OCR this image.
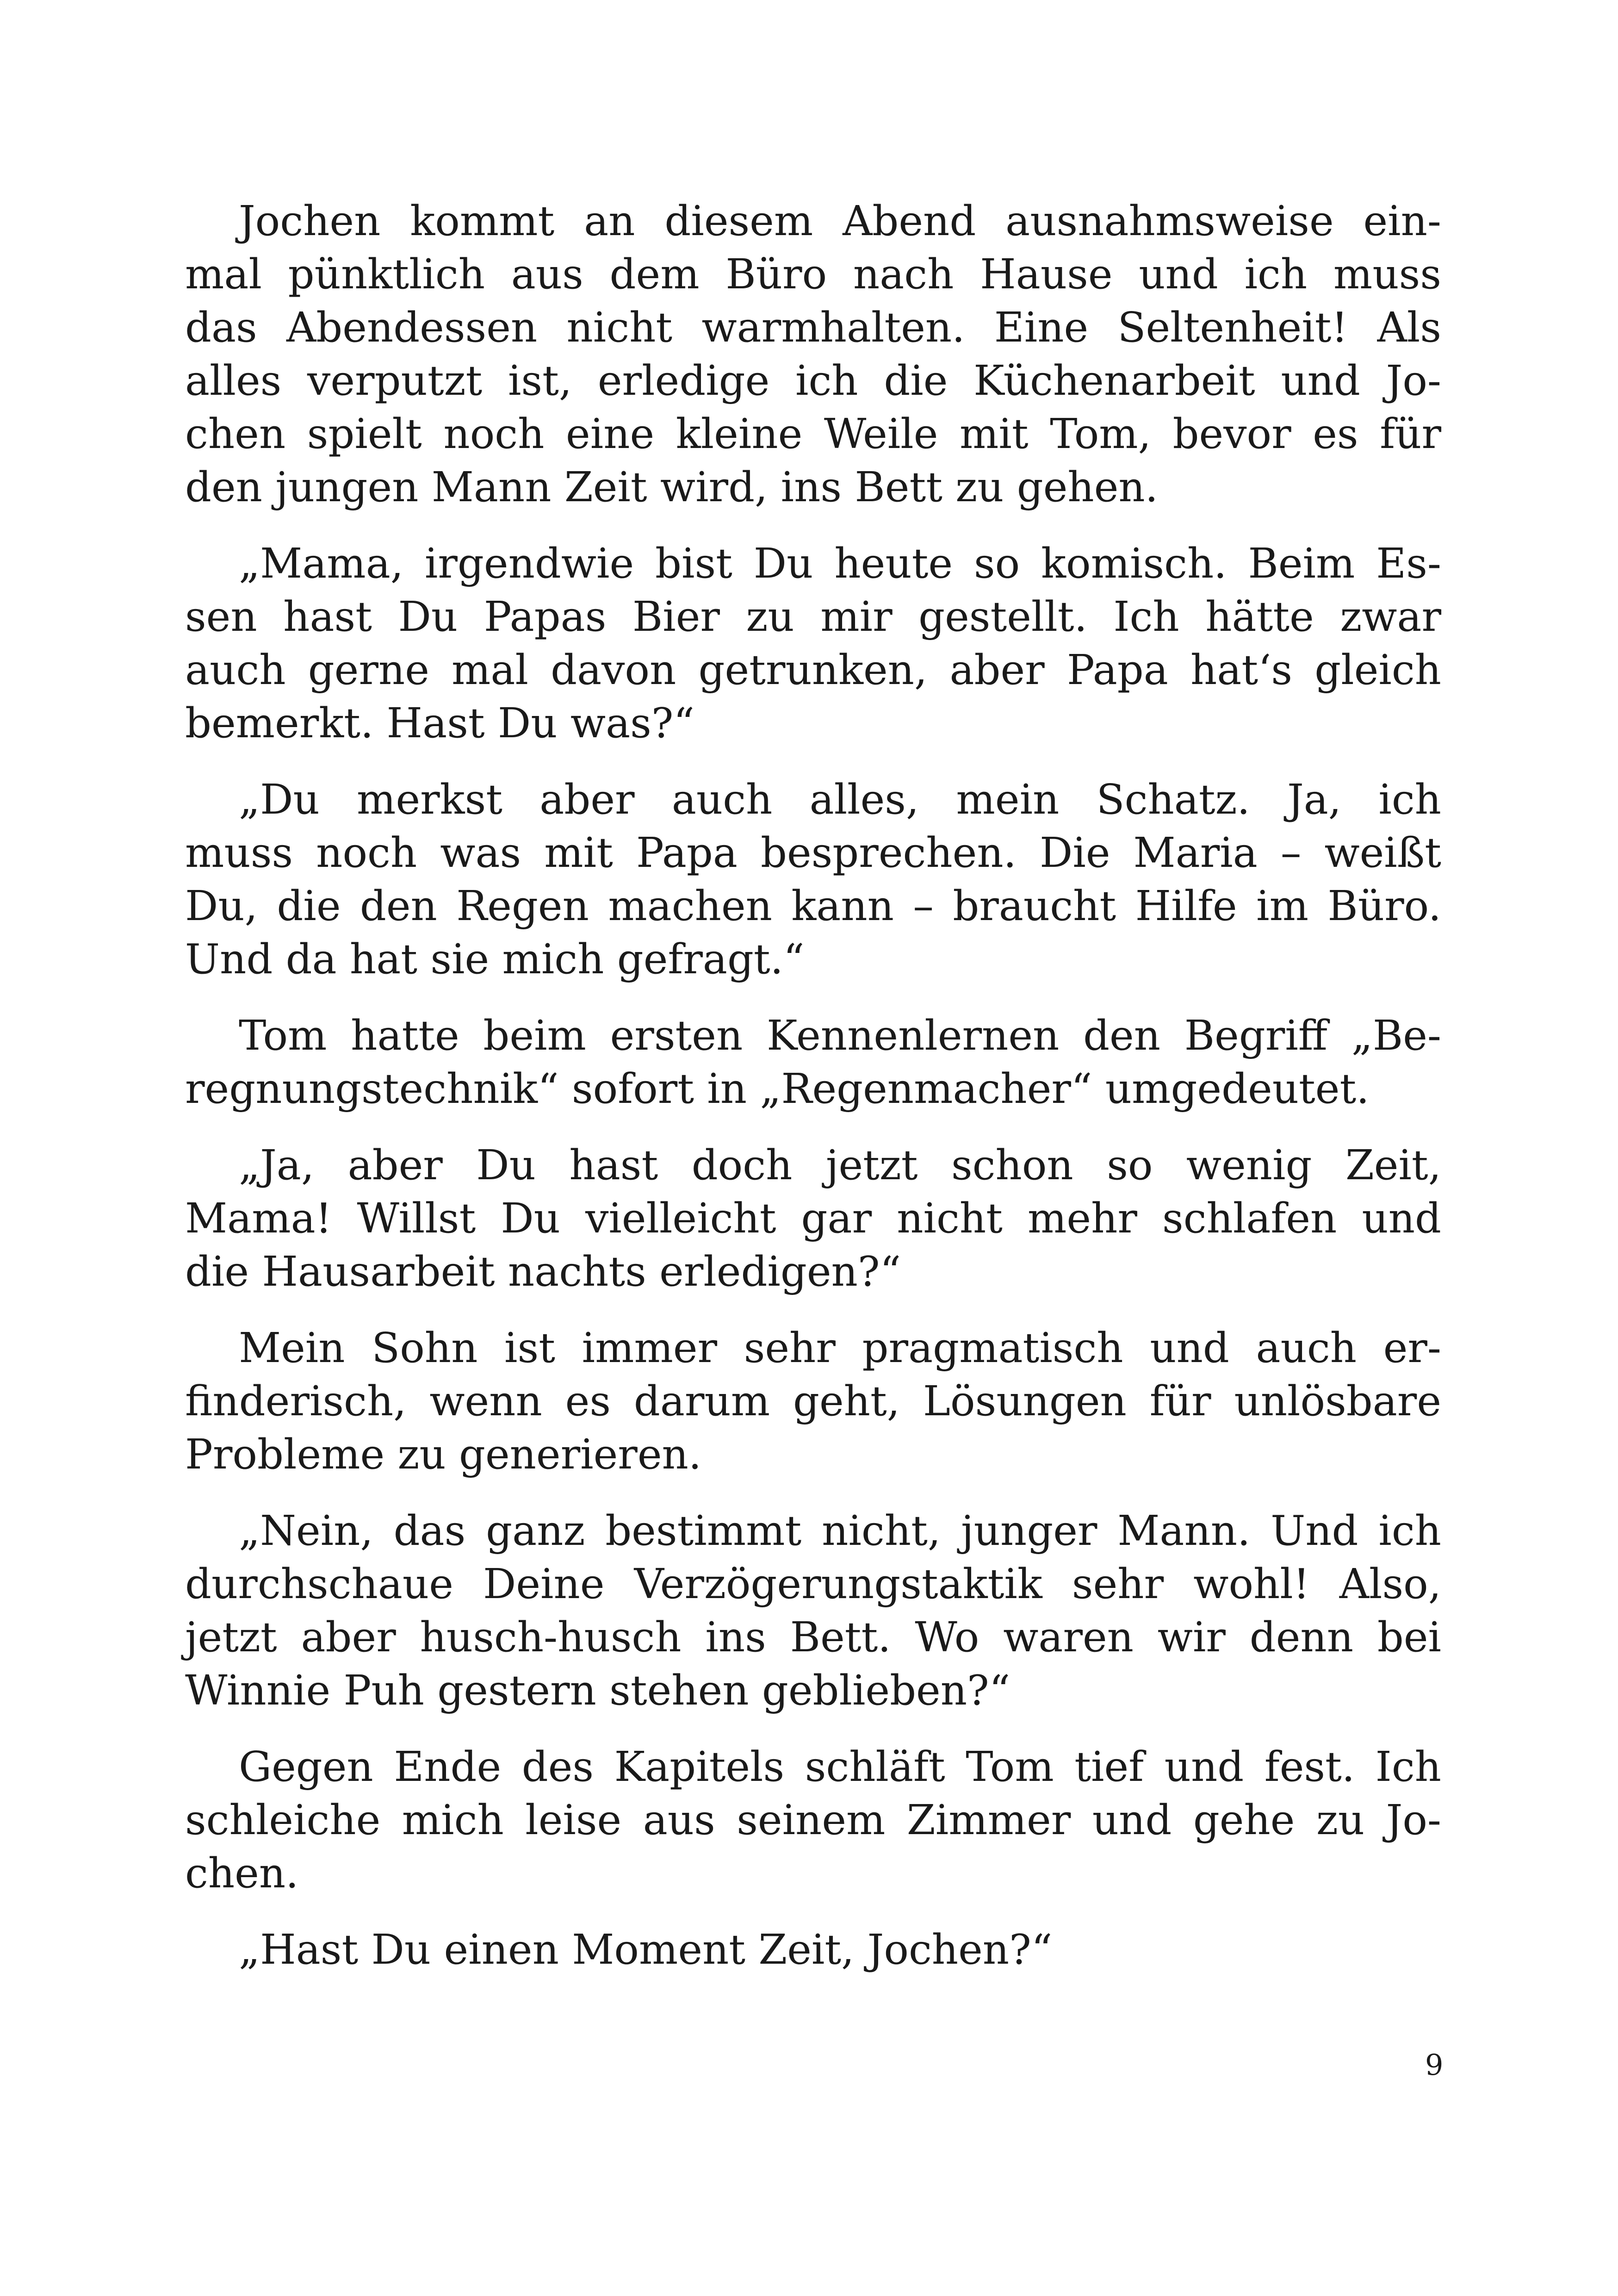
Jochen kommt an diesem Abend ausnahmsweise ein-
mal pünktlich aus dem Büro nach Hause und ich muss
das Abendessen nicht warmhalten. Eine Seltenheit! Als
alles verputzt ist, erledige ich die Küchenarbeit und Jo-
chen spielt noch eine kleine Weile mit Tom, bevor es für
den jungen Mann Zeit wird, ins Bett zu gehen.

„Mama, irgendwie bist Du heute so komisch. Beim Es-
sen hast Du Papas Bier zu mir gestellt. Ich hätte zwar
auch gerne mal davon getrunken, aber Papa hat‘s gleich
bemerkt. Hast Du was?“

„Du merkst aber auch alles, mein Schatz. Ja, ich
muss noch was mit Papa besprechen. Die Maria – weißt
Du, die den Regen machen kann – braucht Hilfe im Büro.
Und da hat sie mich gefragt.“

Tom hatte beim ersten Kennenlernen den Begriff „Be-
regnungstechnik“ sofort in „Regenmacher“ umgedeutet.

„Ja, aber Du hast doch jetzt schon so wenig Zeit,
Mama! Willst Du vielleicht gar nicht mehr schlafen und
die Hausarbeit nachts erledigen?“

Mein Sohn ist immer sehr pragmatisch und auch er-
finderisch, wenn es darum geht, Lösungen für unlösbare
Probleme zu generieren.

„Nein, das ganz bestimmt nicht, junger Mann. Und ich
durchschaue Deine Verzögerungstaktik sehr wohl! Also,
jetzt aber husch-husch ins Bett. Wo waren wir denn bei
Winnie Puh gestern stehen geblieben?“

Gegen Ende des Kapitels schläft Tom tief und fest. Ich
schleiche mich leise aus seinem Zimmer und gehe zu Jo-
chen.

„Hast Du einen Moment Zeit, Jochen?“

9
